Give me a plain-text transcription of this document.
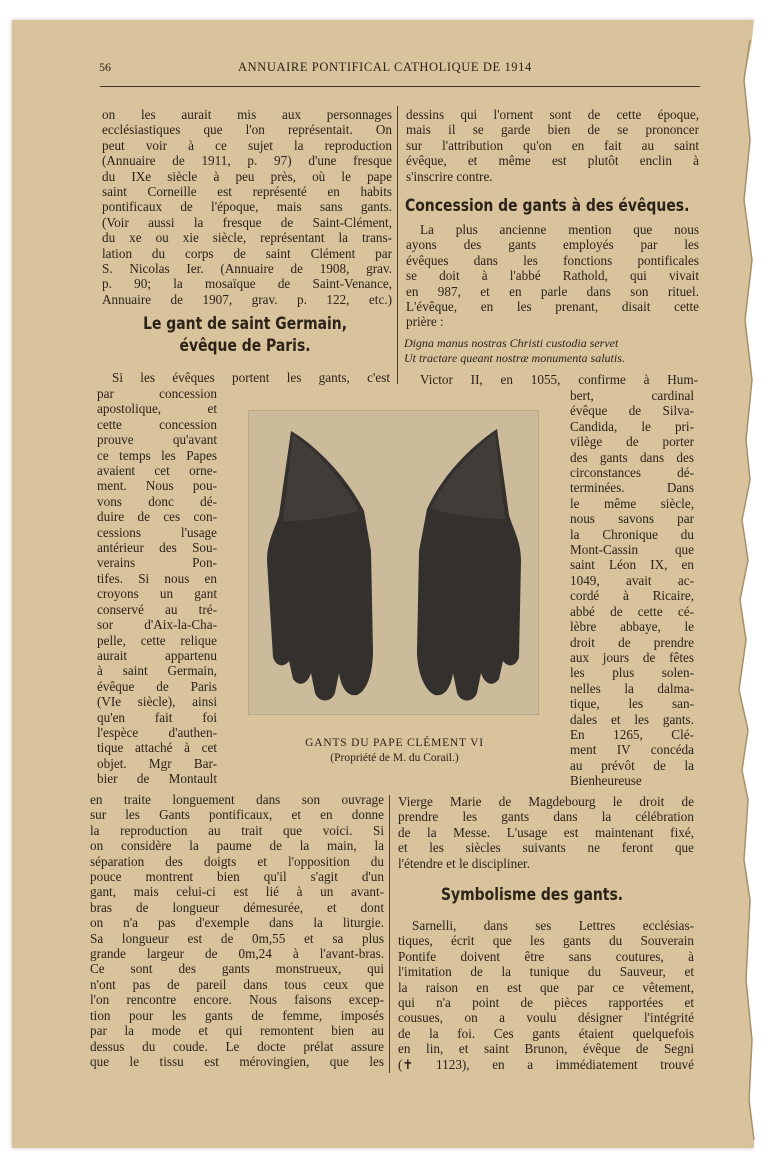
56	ANNUAIRE PONTIFICAL CATHOLIQUE DE 1914
on les aurait mis aux personnages
ecclésiastiques que l'on représentait. On
peut voir à ce sujet la reproduction
(Annuaire de 1911, p. 97) d'une fresque
du IXe siècle à peu près, où le pape
saint Corneille est représenté en habits
pontificaux de l'époque, mais sans gants.
(Voir aussi la fresque de Saint-Clément,
du xe ou xie siècle, représentant la trans-
lation du corps de saint Clément par
S. Nicolas Ier. (Annuaire de 1908, grav.
p. 90; la mosaïque de Saint-Venance,
Annuaire de 1907, grav. p. 122, etc.)
Le gant de saint Germain,
évêque de Paris.
Si les évêques portent les gants, c'est
par concession
apostolique, et
cette concession
prouve qu'avant
ce temps les Papes
avaient cet orne-
ment. Nous pou-
vons donc dé-
duire de ces con-
cessions l'usage
antérieur des Sou-
verains Pon-
tifes. Si nous en
croyons un gant
conservé au tré-
sor d'Aix-la-Cha-
pelle, cette relique
aurait appartenu
à saint Germain,
évêque de Paris
(VIe siècle), ainsi
qu'en fait foi
l'espèce d'authen-
tique attaché à cet
objet. Mgr Bar-
bier de Montault
GANTS DU PAPE CLÉMENT VI
(Propriété de M. du Corail.)
en traite longuement dans son ouvrage
sur les Gants pontificaux, et en donne
la reproduction au trait que voici. Si
on considère la paume de la main, la
séparation des doigts et l'opposition du
pouce montrent bien qu'il s'agit d'un
gant, mais celui-ci est lié à un avant-
bras de longueur démesurée, et dont
on n'a pas d'exemple dans la liturgie.
Sa longueur est de 0m,55 et sa plus
grande largeur de 0m,24 à l'avant-bras.
Ce sont des gants monstrueux, qui
n'ont pas de pareil dans tous ceux que
l'on rencontre encore. Nous faisons excep-
tion pour les gants de femme, imposés
par la mode et qui remontent bien au
dessus du coude. Le docte prélat assure
que le tissu est mérovingien, que les
dessins qui l'ornent sont de cette époque,
mais il se garde bien de se prononcer
sur l'attribution qu'on en fait au saint
évêque, et même est plutôt enclin à
s'inscrire contre.
Concession de gants à des évêques.
La plus ancienne mention que nous
ayons des gants employés par les
évêques dans les fonctions pontificales
se doit à l'abbé Rathold, qui vivait
en 987, et en parle dans son rituel.
L'évêque, en les prenant, disait cette
prière :
Digna manus nostras Christi custodia servet
Ut tractare queant nostræ monumenta salutis.
Victor II, en 1055, confirme à Hum-
bert, cardinal
évêque de Silva-
Candida, le pri-
vilège de porter
des gants dans des
circonstances dé-
terminées. Dans
le même siècle,
nous savons par
la Chronique du
Mont-Cassin que
saint Léon IX, en
1049, avait ac-
cordé à Ricaire,
abbé de cette cé-
lèbre abbaye, le
droit de prendre
aux jours de fêtes
les plus solen-
nelles la dalma-
tique, les san-
dales et les gants.
En 1265, Clé-
ment IV concéda
au prévôt de la
Bienheureuse
Vierge Marie de Magdebourg le droit de
prendre les gants dans la célébration
de la Messe. L'usage est maintenant fixé,
et les siècles suivants ne feront que
l'étendre et le discipliner.
Symbolisme des gants.
Sarnelli, dans ses Lettres ecclésias-
tiques, écrit que les gants du Souverain
Pontife doivent être sans coutures, à
l'imitation de la tunique du Sauveur, et
la raison en est que par ce vêtement,
qui n'a point de pièces rapportées et
cousues, on a voulu désigner l'intégrité
de la foi. Ces gants étaient quelquefois
en lin, et saint Brunon, évêque de Segni
(✝ 1123), en a immédiatement trouvé
